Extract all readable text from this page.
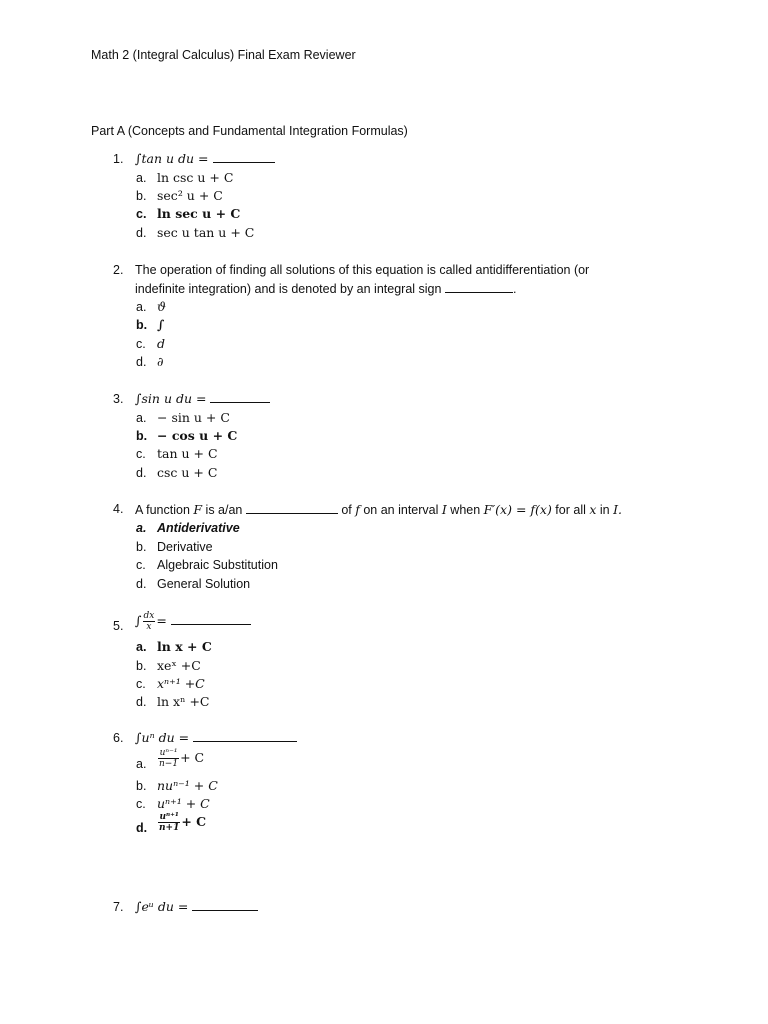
Math 2 (Integral Calculus) Final Exam Reviewer
Part A (Concepts and Fundamental Integration Formulas)
1. ∫tan u du =
a. ln csc u + C
b. sec² u + C
c. ln sec u + C
d. sec u tan u + C
2. The operation of finding all solutions of this equation is called antidifferentiation (or
indefinite integration) and is denoted by an integral sign	.
a. ϑ
b. ∫
c. d
d. ∂
3. ∫sin u du =
a. − sin u + C
b. − cos u + C
c. tan u + C
d. csc u + C
4. A function F is a/an	of f on an interval I when F′(x) = f(x) for all x in I.
a. Antiderivative
b. Derivative
c. Algebraic Substitution
d. General Solution
5. ∫ $\frac{dx}{x}$ =
a. ln x + C
b. xeˣ +C
c. xⁿ⁺¹ +C
d. ln xⁿ +C
6. ∫uⁿ du =
a. $\frac{\text{uⁿ⁻¹}}{n-1} + C$
b. nuⁿ⁻¹ + C
c. uⁿ⁺¹ + C
d. $\frac{\text{uⁿ⁺¹}}{n+1} + C$
7. ∫eᵘ du =
